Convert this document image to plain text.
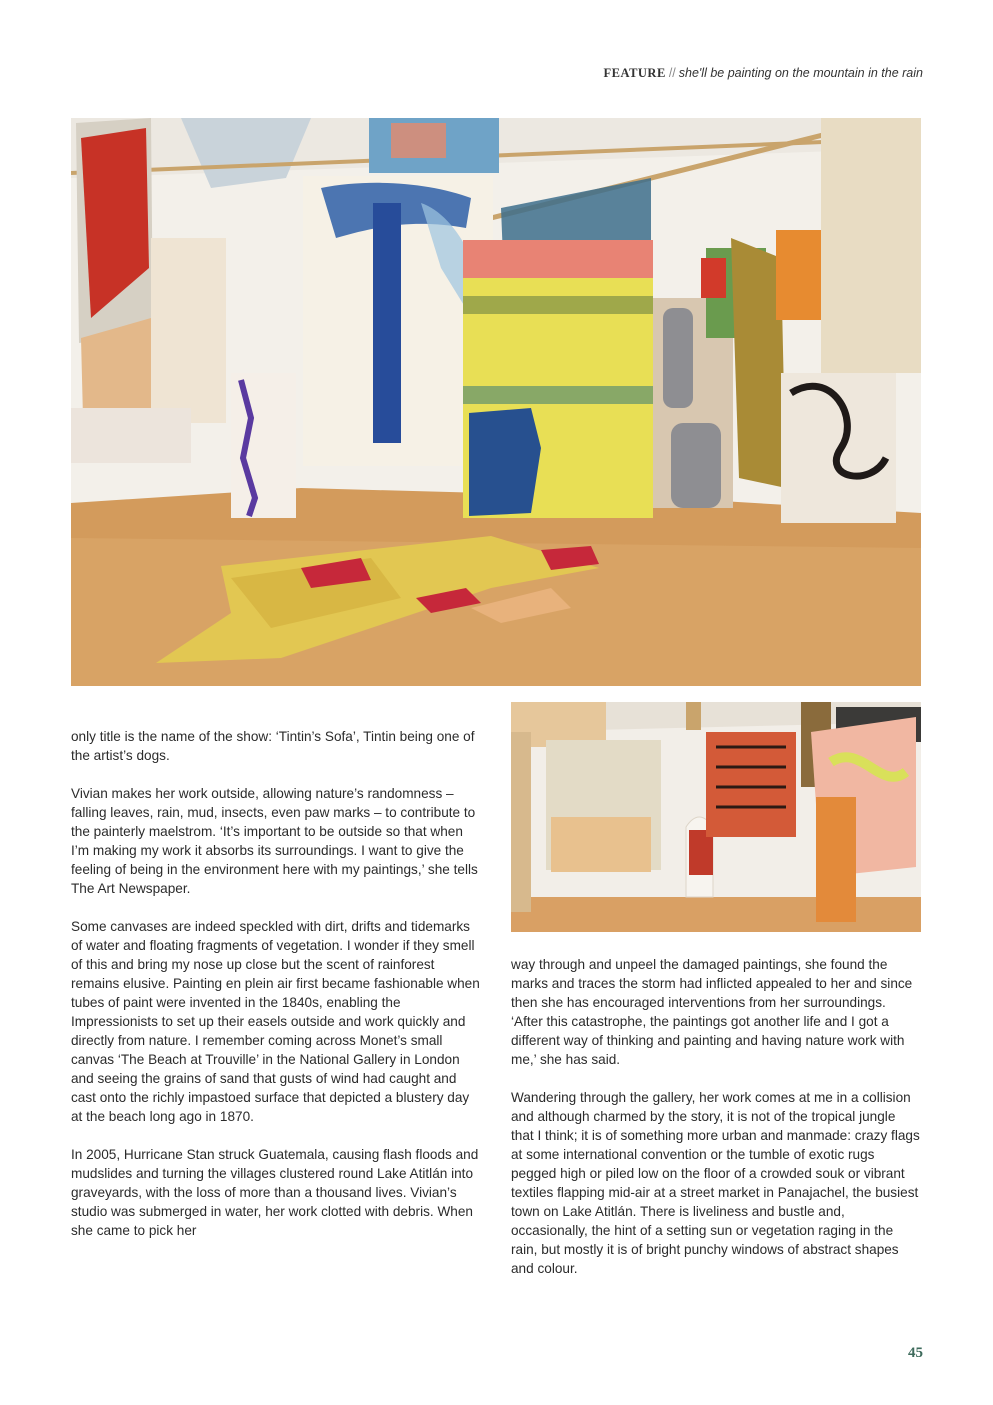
FEATURE // she'll be painting on the mountain in the rain

only title is the name of the show: ‘Tintin’s Sofa’, Tintin being one of the artist’s dogs.

Vivian makes her work outside, allowing nature’s randomness – falling leaves, rain, mud, insects, even paw marks – to contribute to the painterly maelstrom. ‘It’s important to be outside so that when I’m making my work it absorbs its surroundings. I want to give the feeling of being in the environment here with my paintings,’ she tells The Art Newspaper.

Some canvases are indeed speckled with dirt, drifts and tidemarks of water and floating fragments of vegetation. I wonder if they smell of this and bring my nose up close but the scent of rainforest remains elusive. Painting en plein air first became fashionable when tubes of paint were invented in the 1840s, enabling the Impressionists to set up their easels outside and work quickly and directly from nature. I remember coming across Monet’s small canvas ‘The Beach at Trouville’ in the National Gallery in London and seeing the grains of sand that gusts of wind had caught and cast onto the richly impastoed surface that depicted a blustery day at the beach long ago in 1870.

In 2005, Hurricane Stan struck Guatemala, causing flash floods and mudslides and turning the villages clustered round Lake Atitlán into graveyards, with the loss of more than a thousand lives. Vivian’s studio was submerged in water, her work clotted with debris. When she came to pick her

way through and unpeel the damaged paintings, she found the marks and traces the storm had inflicted appealed to her and since then she has encouraged interventions from her surroundings. ‘After this catastrophe, the paintings got another life and I got a different way of thinking and painting and having nature work with me,’ she has said.

Wandering through the gallery, her work comes at me in a collision and although charmed by the story, it is not of the tropical jungle that I think; it is of something more urban and manmade: crazy flags at some international convention or the tumble of exotic rugs pegged high or piled low on the floor of a crowded souk or vibrant textiles flapping mid-air at a street market in Panajachel, the busiest town on Lake Atitlán. There is liveliness and bustle and, occasionally, the hint of a setting sun or vegetation raging in the rain, but mostly it is of bright punchy windows of abstract shapes and colour.

45
